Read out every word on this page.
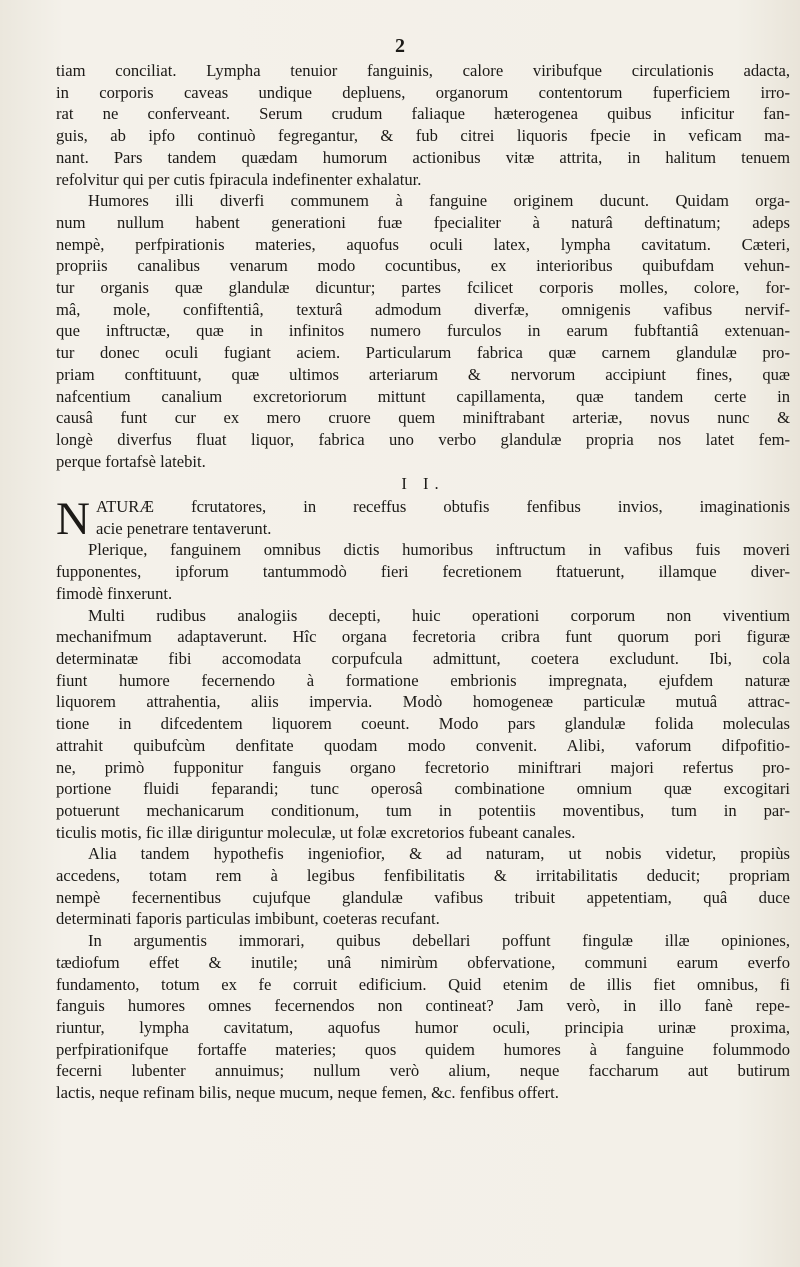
2

tiam conciliat. Lympha tenuior fanguinis, calore viribufque circulationis adacta,

in corporis caveas undique depluens, organorum contentorum fuperficiem irro-

rat ne conferveant. Serum crudum faliaque hæterogenea quibus inficitur fan-

guis, ab ipfo continuò fegregantur, & fub citrei liquoris fpecie in veficam ma-

nant. Pars tandem quædam humorum actionibus vitæ attrita, in halitum tenuem

refolvitur qui per cutis fpiracula indefinenter exhalatur.

Humores illi diverfi communem à fanguine originem ducunt. Quidam orga-

num nullum habent generationi fuæ fpecialiter à naturâ deftinatum; adeps

nempè, perfpirationis materies, aquofus oculi latex, lympha cavitatum. Cæteri,

propriis canalibus venarum modo cocuntibus, ex interioribus quibufdam vehun-

tur organis quæ glandulæ dicuntur; partes fcilicet corporis molles, colore, for-

mâ, mole, confiftentiâ, texturâ admodum diverfæ, omnigenis vafibus nervif-

que inftructæ, quæ in infinitos numero furculos in earum fubftantiâ extenuan-

tur donec oculi fugiant aciem. Particularum fabrica quæ carnem glandulæ pro-

priam conftituunt, quæ ultimos arteriarum & nervorum accipiunt fines, quæ

nafcentium canalium excretoriorum mittunt capillamenta, quæ tandem certe in

causâ funt cur ex mero cruore quem miniftrabant arteriæ, novus nunc &

longè diverfus fluat liquor, fabrica uno verbo glandulæ propria nos latet fem-

perque fortafsè latebit.

I I.

NATURÆ fcrutatores, in receffus obtufis fenfibus invios, imaginationis

acie penetrare tentaverunt.

Plerique, fanguinem omnibus dictis humoribus inftructum in vafibus fuis moveri

fupponentes, ipforum tantummodò fieri fecretionem ftatuerunt, illamque diver-

fimodè finxerunt.

Multi rudibus analogiis decepti, huic operationi corporum non viventium

mechanifmum adaptaverunt. Hîc organa fecretoria cribra funt quorum pori figuræ

determinatæ fibi accomodata corpufcula admittunt, coetera excludunt. Ibi, cola

fiunt humore fecernendo à formatione embrionis impregnata, ejufdem naturæ

liquorem attrahentia, aliis impervia. Modò homogeneæ particulæ mutuâ attrac-

tione in difcedentem liquorem coeunt. Modo pars glandulæ folida moleculas

attrahit quibufcùm denfitate quodam modo convenit. Alibi, vaforum difpofitio-

ne, primò fupponitur fanguis organo fecretorio miniftrari majori refertus pro-

portione fluidi feparandi; tunc operosâ combinatione omnium quæ excogitari

potuerunt mechanicarum conditionum, tum in potentiis moventibus, tum in par-

ticulis motis, fic illæ diriguntur moleculæ, ut folæ excretorios fubeant canales.

Alia tandem hypothefis ingeniofior, & ad naturam, ut nobis videtur, propiùs

accedens, totam rem à legibus fenfibilitatis & irritabilitatis deducit; propriam

nempè fecernentibus cujufque glandulæ vafibus tribuit appetentiam, quâ duce

determinati faporis particulas imbibunt, coeteras recufant.

In argumentis immorari, quibus debellari poffunt fingulæ illæ opiniones,

tædiofum effet & inutile; unâ nimirùm obfervatione, communi earum everfo

fundamento, totum ex fe corruit edificium. Quid etenim de illis fiet omnibus, fi

fanguis humores omnes fecernendos non contineat? Jam verò, in illo fanè repe-

riuntur, lympha cavitatum, aquofus humor oculi, principia urinæ proxima,

perfpirationifque fortaffe materies; quos quidem humores à fanguine folummodo

fecerni lubenter annuimus; nullum verò alium, neque faccharum aut butirum

lactis, neque refinam bilis, neque mucum, neque femen, &c. fenfibus offert.
